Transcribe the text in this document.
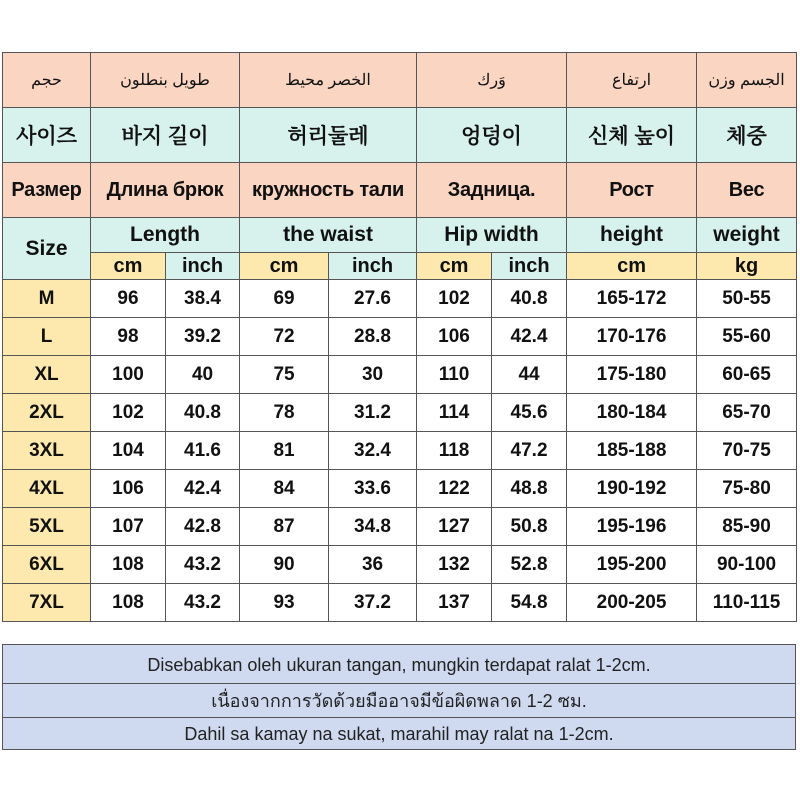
حجم	طويل بنطلون		الخصر محيط		وَرك		ارتفاع	الجسم وزن
사이즈	바지 길이		허리둘레		엉덩이		신체 높이	체중
Размер	Длина брюк		кружность тали		Задница.		Рост	Вес
Size	Length		the waist		Hip width		height	weight
	cm	inch	cm	inch	cm	inch	cm	kg
M	96	38.4	69	27.6	102	40.8	165-172	50-55
L	98	39.2	72	28.8	106	42.4	170-176	55-60
XL	100	40	75	30	110	44	175-180	60-65
2XL	102	40.8	78	31.2	114	45.6	180-184	65-70
3XL	104	41.6	81	32.4	118	47.2	185-188	70-75
4XL	106	42.4	84	33.6	122	48.8	190-192	75-80
5XL	107	42.8	87	34.8	127	50.8	195-196	85-90
6XL	108	43.2	90	36	132	52.8	195-200	90-100
7XL	108	43.2	93	37.2	137	54.8	200-205	110-115
Disebabkan oleh ukuran tangan, mungkin terdapat ralat 1-2cm.
เนื่องจากการวัดด้วยมืออาจมีข้อผิดพลาด 1-2 ซม.
Dahil sa kamay na sukat, marahil may ralat na 1-2cm.
